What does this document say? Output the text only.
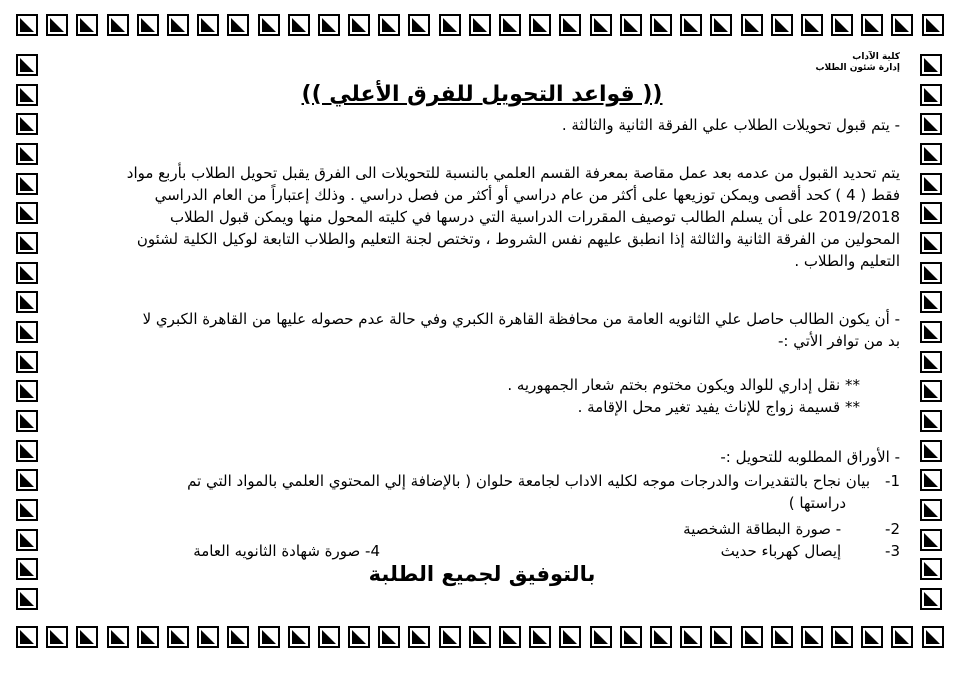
كلية الآداب
إدارة شئون الطلاب
(( قواعد التحويل للفرق الأعلي ))
- يتم قبول تحويلات الطلاب علي الفرقة الثانية والثالثة .
يتم تحديد القبول من عدمه بعد عمل مقاصة بمعرفة القسم العلمي بالنسبة للتحويلات الى الفرق يقبل تحويل الطلاب بأربع مواد
فقط ( 4 ) كحد أقصى ويمكن توزيعها على أكثر من عام دراسي أو أكثر من فصل دراسي . وذلك إعتباراً من العام الدراسي
2019/2018 على أن يسلم الطالب توصيف المقررات الدراسية التي درسها في كليته المحول منها ويمكن قبول الطلاب
المحولين من الفرقة الثانية والثالثة إذا انطبق عليهم نفس الشروط ، وتختص لجنة التعليم والطلاب التابعة لوكيل الكلية لشئون
التعليم والطلاب .
- أن يكون الطالب حاصل علي الثانويه العامة من محافظة القاهرة الكبري وفي حالة عدم حصوله عليها من القاهرة الكبري لا
بد من توافر الأتي :-
** نقل إداري للوالد ويكون مختوم بختم شعار الجمهوريه .
** قسيمة زواج للإناث يفيد تغير محل الإقامة .
- الأوراق المطلوبه للتحويل :-
1-
بيان نجاح بالتقديرات والدرجات موجه لكليه الاداب لجامعة حلوان ( بالإضافة إلي المحتوي العلمي بالمواد التي تم
دراستها )
2- - صورة البطاقة الشخصية
3- إيصال كهرباء حديث
4- صورة شهادة الثانويه العامة
بالتوفيق لجميع الطلبة
